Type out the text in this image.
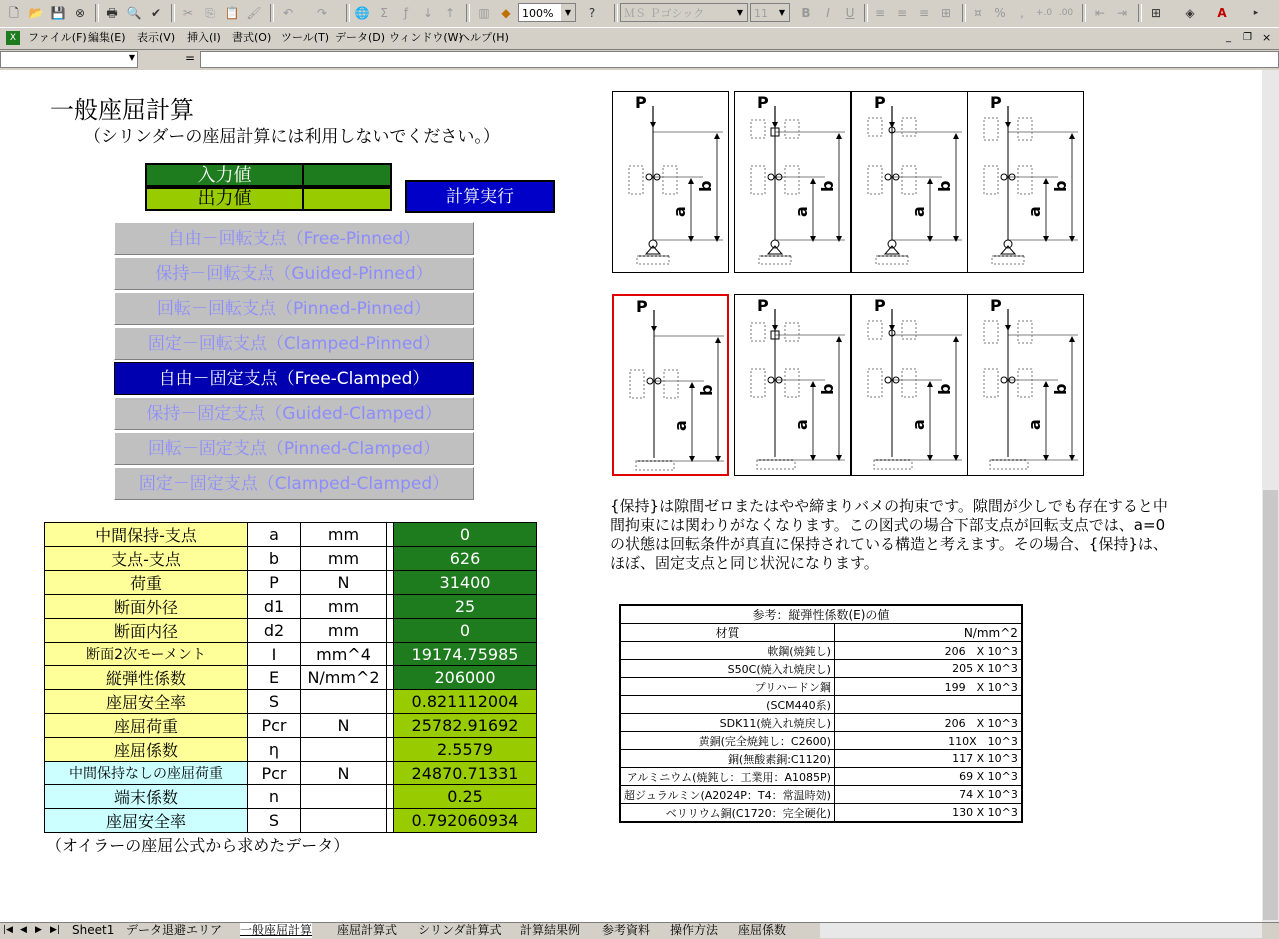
🗋 📂 💾 ⊗	🖶 🔍 ✔	✂	⎘ 📋 🖌	↶	↷	🌐 Σ	ƒ	↓ ↑	▥ ◆	100%	▼	?	ＭＳ Ｐゴシック	▼ 11	▼	B	I	U	≡ ≡ ≡ ⊞	¤	%	,	+.0 .00	⇤ ⇥	⊞	◈	A	▸
X	ファイル(F) 編集(E) 表示(V) 挿入(I) 書式(O) ツール(T) データ(D) ウィンドウ(W)
ヘルプ(H)	_ ❐ ×
▼	=
一般座屈計算
（シリンダーの座屈計算には利用しないでください。）
入力値
出力値	計算実行
自由－回転支点（Free-Pinned）
保持－回転支点（Guided-Pinned）
回転－回転支点（Pinned-Pinned）
固定－回転支点（Clamped-Pinned）
自由－固定支点（Free-Clamped）
保持－固定支点（Guided-Clamped）
回転－固定支点（Pinned-Clamped）
固定－固定支点（Clamped-Clamped）
（オイラーの座屈公式から求めたデータ）
{保持}は隙間ゼロまたはやや締まりバメの拘束です。隙間が少しでも存在すると中間拘束には関わりがなくなります。この図式の場合下部支点が回転支点では、a=0 の状態は回転条件が真直に保持されている構造と考えます。その場合、{保持}は、ほぼ、固定支点と同じ状況になります。
中間保持-支点	a	mm		0
支点-支点	b	mm		626
荷重	P	N		31400
断面外径	d1	mm		25
断面内径	d2	mm		0
断面2次モーメント	I	mm^4		19174.75985
縦弾性係数	E	N/mm^2		206000
座屈安全率	S			0.821112004
座屈荷重	Pcr	N		25782.91692
座屈係数	η			2.5579
中間保持なしの座屈荷重	Pcr	N		24870.71331
端末係数	n			0.25
座屈安全率	S			0.792060934
P
a
b
P
a
b
P
a
b
P
a
b
P
a
b
P
a
b
P
a
b
P
a
b
参考：縦弾性係数(E)の値	
材質	N/mm^2
軟鋼(焼鈍し)	206　X 10^3
S50C(焼入れ焼戻し)	205 X 10^3
プリハードン鋼	199　X 10^3
(SCM440系)	
SDK11(焼入れ焼戻し)	206　X 10^3
黄銅(完全焼鈍し：C2600)	110X　10^3
銅(無酸素銅:C1120)	117 X 10^3
アルミニウム(焼鈍し：工業用：A1085P)	69 X 10^3
超ジュラルミン(A2024P：T4：常温時効)	74 X 10^3
ベリリウム銅(C1720：完全硬化)	130 X 10^3
|◀ ◀ ▶ ▶| Sheet1 データ退避エリア 一般座屈計算 座屈計算式 シリンダ計算式 計算結果例 参考資料 操作方法 座屈係数
